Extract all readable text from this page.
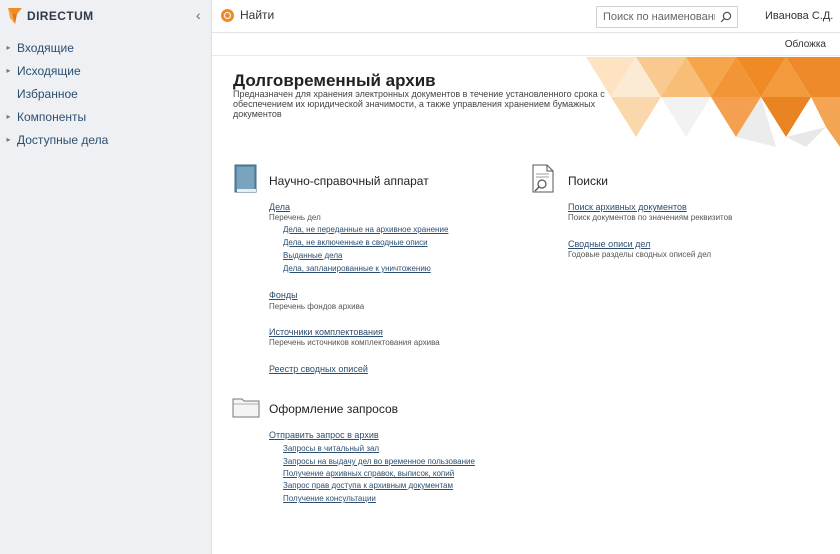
DIRECTUM	‹
▸ Входящие
▸ Исходящие
Избранное
▸ Компоненты
▸ Доступные дела
Найти
Поиск по наименованию	Иванова С.Д.
Обложка
Долговременный архив
Предназначен для хранения электронных документов в течение установленного срока с обеспечением их юридической значимости, а также управления хранением бумажных документов
Научно-справочный аппарат
Дела
Перечень дел
Дела, не переданные на архивное хранение
Дела, не включенные в сводные описи
Выданные дела
Дела, запланированные к уничтожению
Фонды
Перечень фондов архива
Источники комплектования
Перечень источников комплектования архива
Реестр сводных описей
Поиски
Поиск архивных документов
Поиск документов по значениям реквизитов
Сводные описи дел
Годовые разделы сводных описей дел
Оформление запросов
Отправить запрос в архив
Запросы в читальный зал
Запросы на выдачу дел во временное пользование
Получение архивных справок, выписок, копий
Запрос прав доступа к архивным документам
Получение консультации
